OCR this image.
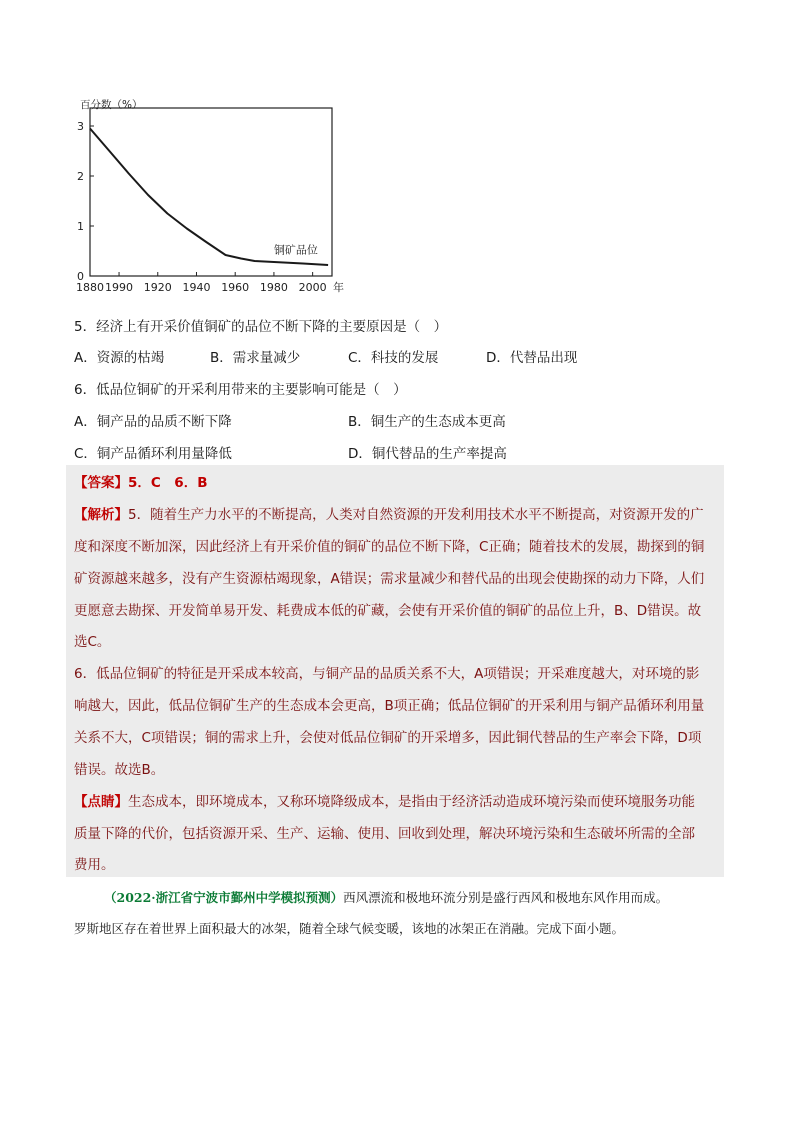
百分数（%）
3
2
1
0
1880 1990 1920 1940 1960 1980 2000 年
铜矿品位
5．经济上有开采价值铜矿的品位不断下降的主要原因是（　）
A．资源的枯竭	B．需求量减少	C．科技的发展	D．代替品出现
6．低品位铜矿的开采利用带来的主要影响可能是（　）
A．铜产品的品质不断下降	B．铜生产的生态成本更高
C．铜产品循环利用量降低	D．铜代替品的生产率提高
【答案】5．C　6．B
【解析】5．随着生产力水平的不断提高，人类对自然资源的开发利用技术水平不断提高，对资源开发的广
度和深度不断加深，因此经济上有开采价值的铜矿的品位不断下降，C正确；随着技术的发展，勘探到的铜
矿资源越来越多，没有产生资源枯竭现象，A错误；需求量减少和替代品的出现会使勘探的动力下降，人们
更愿意去勘探、开发简单易开发、耗费成本低的矿藏，会使有开采价值的铜矿的品位上升，B、D错误。故
选C。
6．低品位铜矿的特征是开采成本较高，与铜产品的品质关系不大，A项错误；开采难度越大，对环境的影
响越大，因此，低品位铜矿生产的生态成本会更高，B项正确；低品位铜矿的开采利用与铜产品循环利用量
关系不大，C项错误；铜的需求上升，会使对低品位铜矿的开采增多，因此铜代替品的生产率会下降，D项
错误。故选B。
【点睛】生态成本，即环境成本，又称环境降级成本，是指由于经济活动造成环境污染而使环境服务功能
质量下降的代价，包括资源开采、生产、运输、使用、回收到处理，解决环境污染和生态破坏所需的全部
费用。
（2022·浙江省宁波市鄞州中学模拟预测）西风漂流和极地环流分别是盛行西风和极地东风作用而成。
罗斯地区存在着世界上面积最大的冰架，随着全球气候变暖，该地的冰架正在消融。完成下面小题。
